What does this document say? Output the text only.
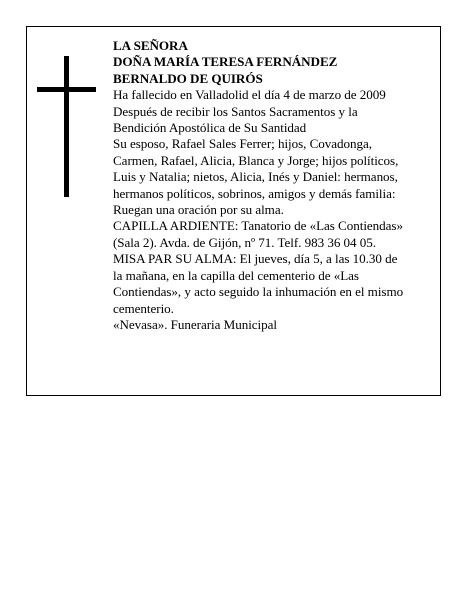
LA SEÑORA
DOÑA MARÍA TERESA FERNÁNDEZ
BERNALDO DE QUIRÓS
Ha fallecido en Valladolid el día 4 de marzo de 2009
Después de recibir los Santos Sacramentos y la
Bendición Apostólica de Su Santidad
Su esposo, Rafael Sales Ferrer; hijos, Covadonga,
Carmen, Rafael, Alicia, Blanca y Jorge; hijos políticos,
Luis y Natalia; nietos, Alicia, Inés y Daniel: hermanos,
hermanos políticos, sobrinos, amigos y demás familia:
Ruegan una oración por su alma.
CAPILLA ARDIENTE: Tanatorio de «Las Contiendas»
(Sala 2). Avda. de Gijón, nº 71. Telf. 983 36 04 05.
MISA PAR SU ALMA: El jueves, día 5, a las 10.30 de
la mañana, en la capilla del cementerio de «Las
Contiendas», y acto seguido la inhumación en el mismo
cementerio.
«Nevasa». Funeraria Municipal
